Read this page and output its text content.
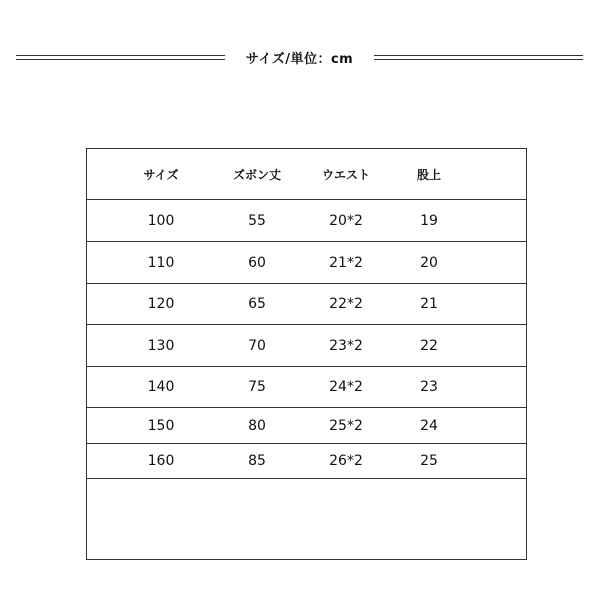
サイズ/単位：cm
サイズ	ズボン丈	ウエスト	股上
100	55	20*2	19
110	60	21*2	20
120	65	22*2	21
130	70	23*2	22
140	75	24*2	23
150	80	25*2	24
160	85	26*2	25
